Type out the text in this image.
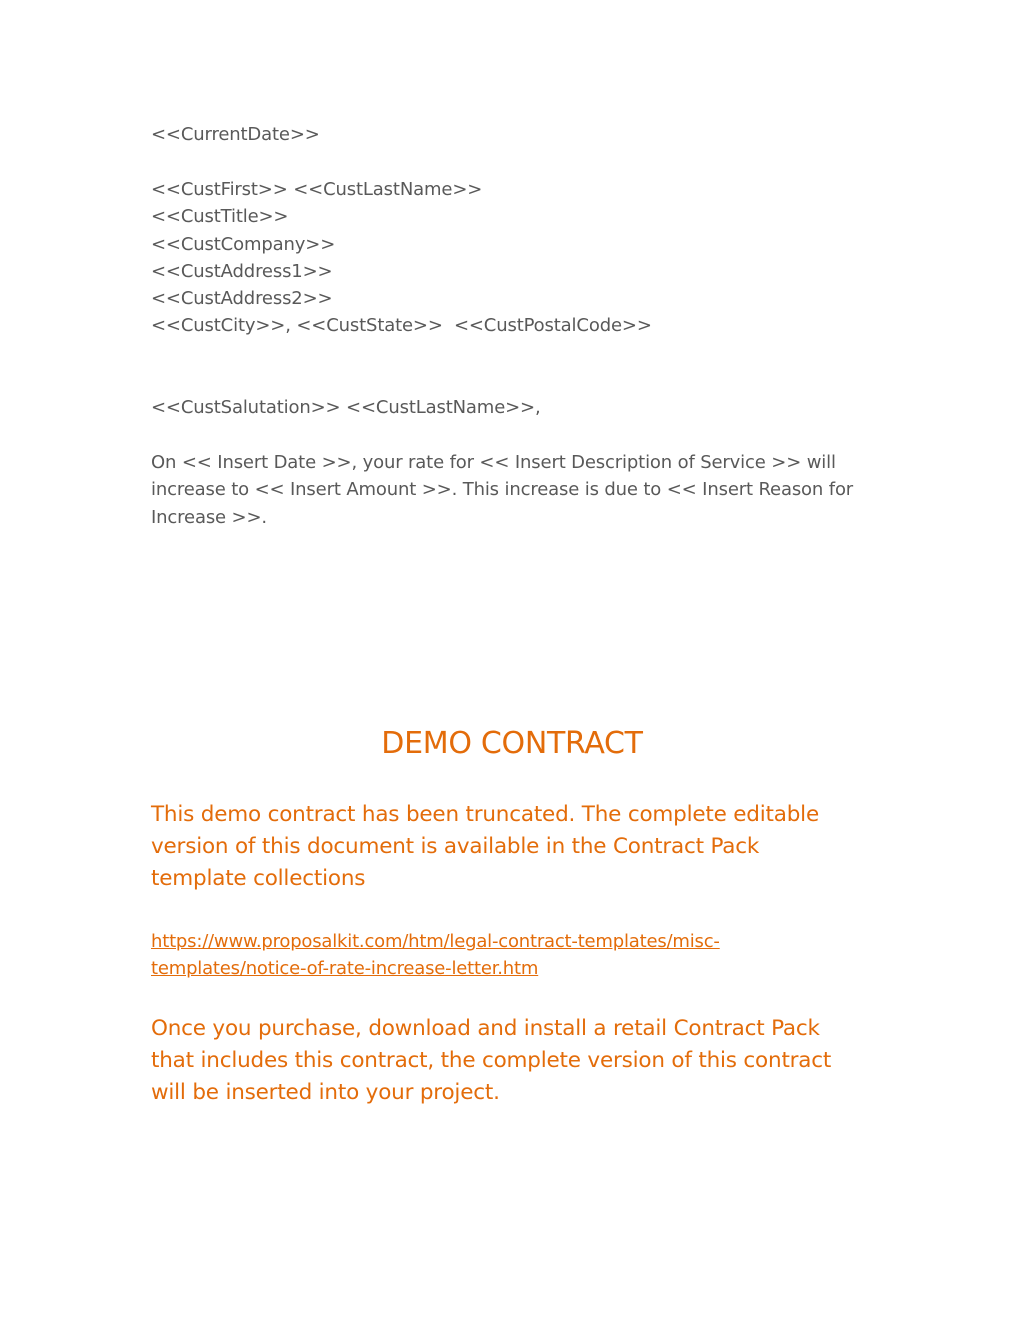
<<CurrentDate>>
<<CustFirst>> <<CustLastName>>
<<CustTitle>>
<<CustCompany>>
<<CustAddress1>>
<<CustAddress2>>
<<CustCity>>, <<CustState>>  <<CustPostalCode>>
<<CustSalutation>> <<CustLastName>>,
On << Insert Date >>, your rate for << Insert Description of Service >> will
increase to << Insert Amount >>. This increase is due to << Insert Reason for
Increase >>.
DEMO CONTRACT
This demo contract has been truncated. The complete editable
version of this document is available in the Contract Pack
template collections
https://www.proposalkit.com/htm/legal-contract-templates/misc-
templates/notice-of-rate-increase-letter.htm
Once you purchase, download and install a retail Contract Pack
that includes this contract, the complete version of this contract
will be inserted into your project.
